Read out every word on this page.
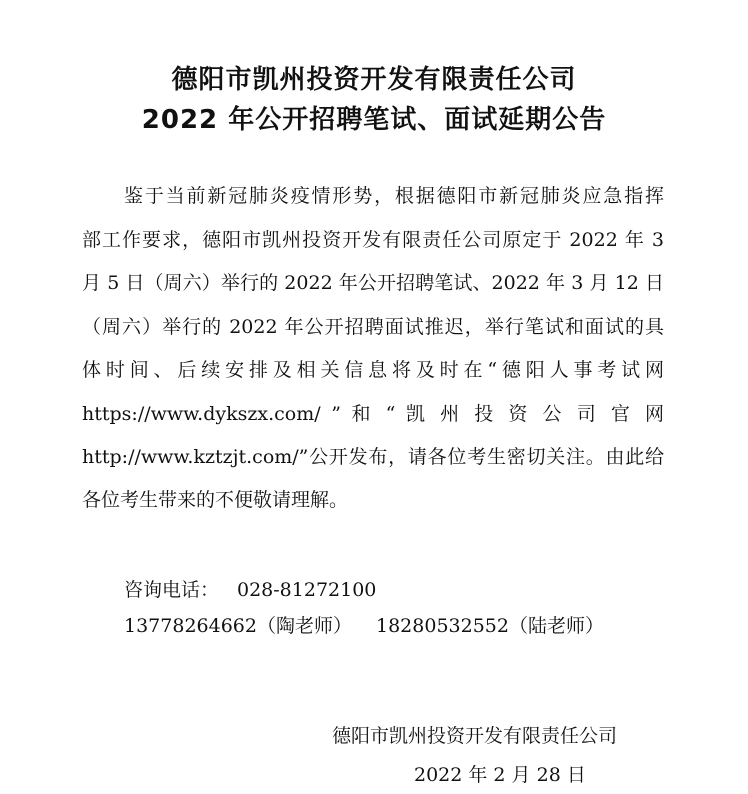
德阳市凯州投资开发有限责任公司
2022 年公开招聘笔试、面试延期公告
鉴于当前新冠肺炎疫情形势，根据德阳市新冠肺炎应急指挥
部工作要求，德阳市凯州投资开发有限责任公司原定于 2022 年 3
月 5 日（周六）举行的 2022 年公开招聘笔试、2022 年 3 月 12 日
（周六）举行的 2022 年公开招聘面试推迟，举行笔试和面试的具
体时间、后续安排及相关信息将及时在“德阳人事考试网
https://www.dykszx.com/ ” 和 “ 凯 州 投 资 公 司 官 网
http://www.kztzjt.com/”公开发布，请各位考生密切关注。由此给
各位考生带来的不便敬请理解。
咨询电话： 028-81272100
13778264662（陶老师） 18280532552（陆老师）
德阳市凯州投资开发有限责任公司
2022 年 2 月 28 日
